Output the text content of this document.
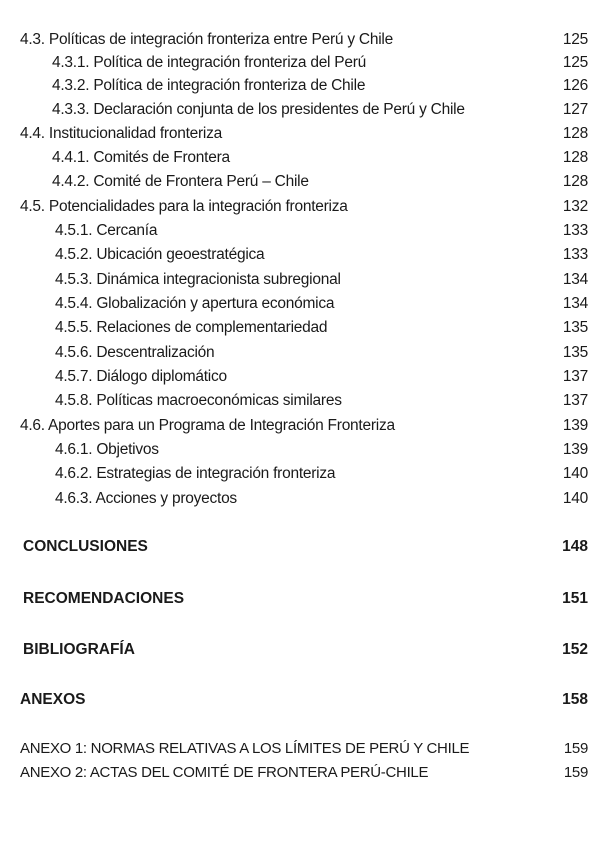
4.3. Políticas de integración fronteriza entre Perú y Chile	125
4.3.1. Política de integración fronteriza del Perú	125
4.3.2. Política de integración fronteriza de Chile	126
4.3.3. Declaración conjunta de los presidentes de Perú y Chile	127
4.4. Institucionalidad fronteriza	128
4.4.1. Comités de Frontera	128
4.4.2. Comité de Frontera Perú – Chile	128
4.5. Potencialidades para la integración fronteriza	132
4.5.1. Cercanía	133
4.5.2. Ubicación geoestratégica	133
4.5.3. Dinámica integracionista subregional	134
4.5.4. Globalización y apertura económica	134
4.5.5. Relaciones de complementariedad	135
4.5.6. Descentralización	135
4.5.7. Diálogo diplomático	137
4.5.8. Políticas macroeconómicas similares	137
4.6. Aportes para un Programa de Integración Fronteriza	139
4.6.1. Objetivos	139
4.6.2. Estrategias de integración fronteriza	140
4.6.3. Acciones y proyectos	140
CONCLUSIONES	148
RECOMENDACIONES	151
BIBLIOGRAFÍA	152
ANEXOS	158
ANEXO 1: NORMAS RELATIVAS A LOS LÍMITES DE PERÚ Y CHILE	159
ANEXO 2: ACTAS DEL COMITÉ DE FRONTERA PERÚ-CHILE	159
